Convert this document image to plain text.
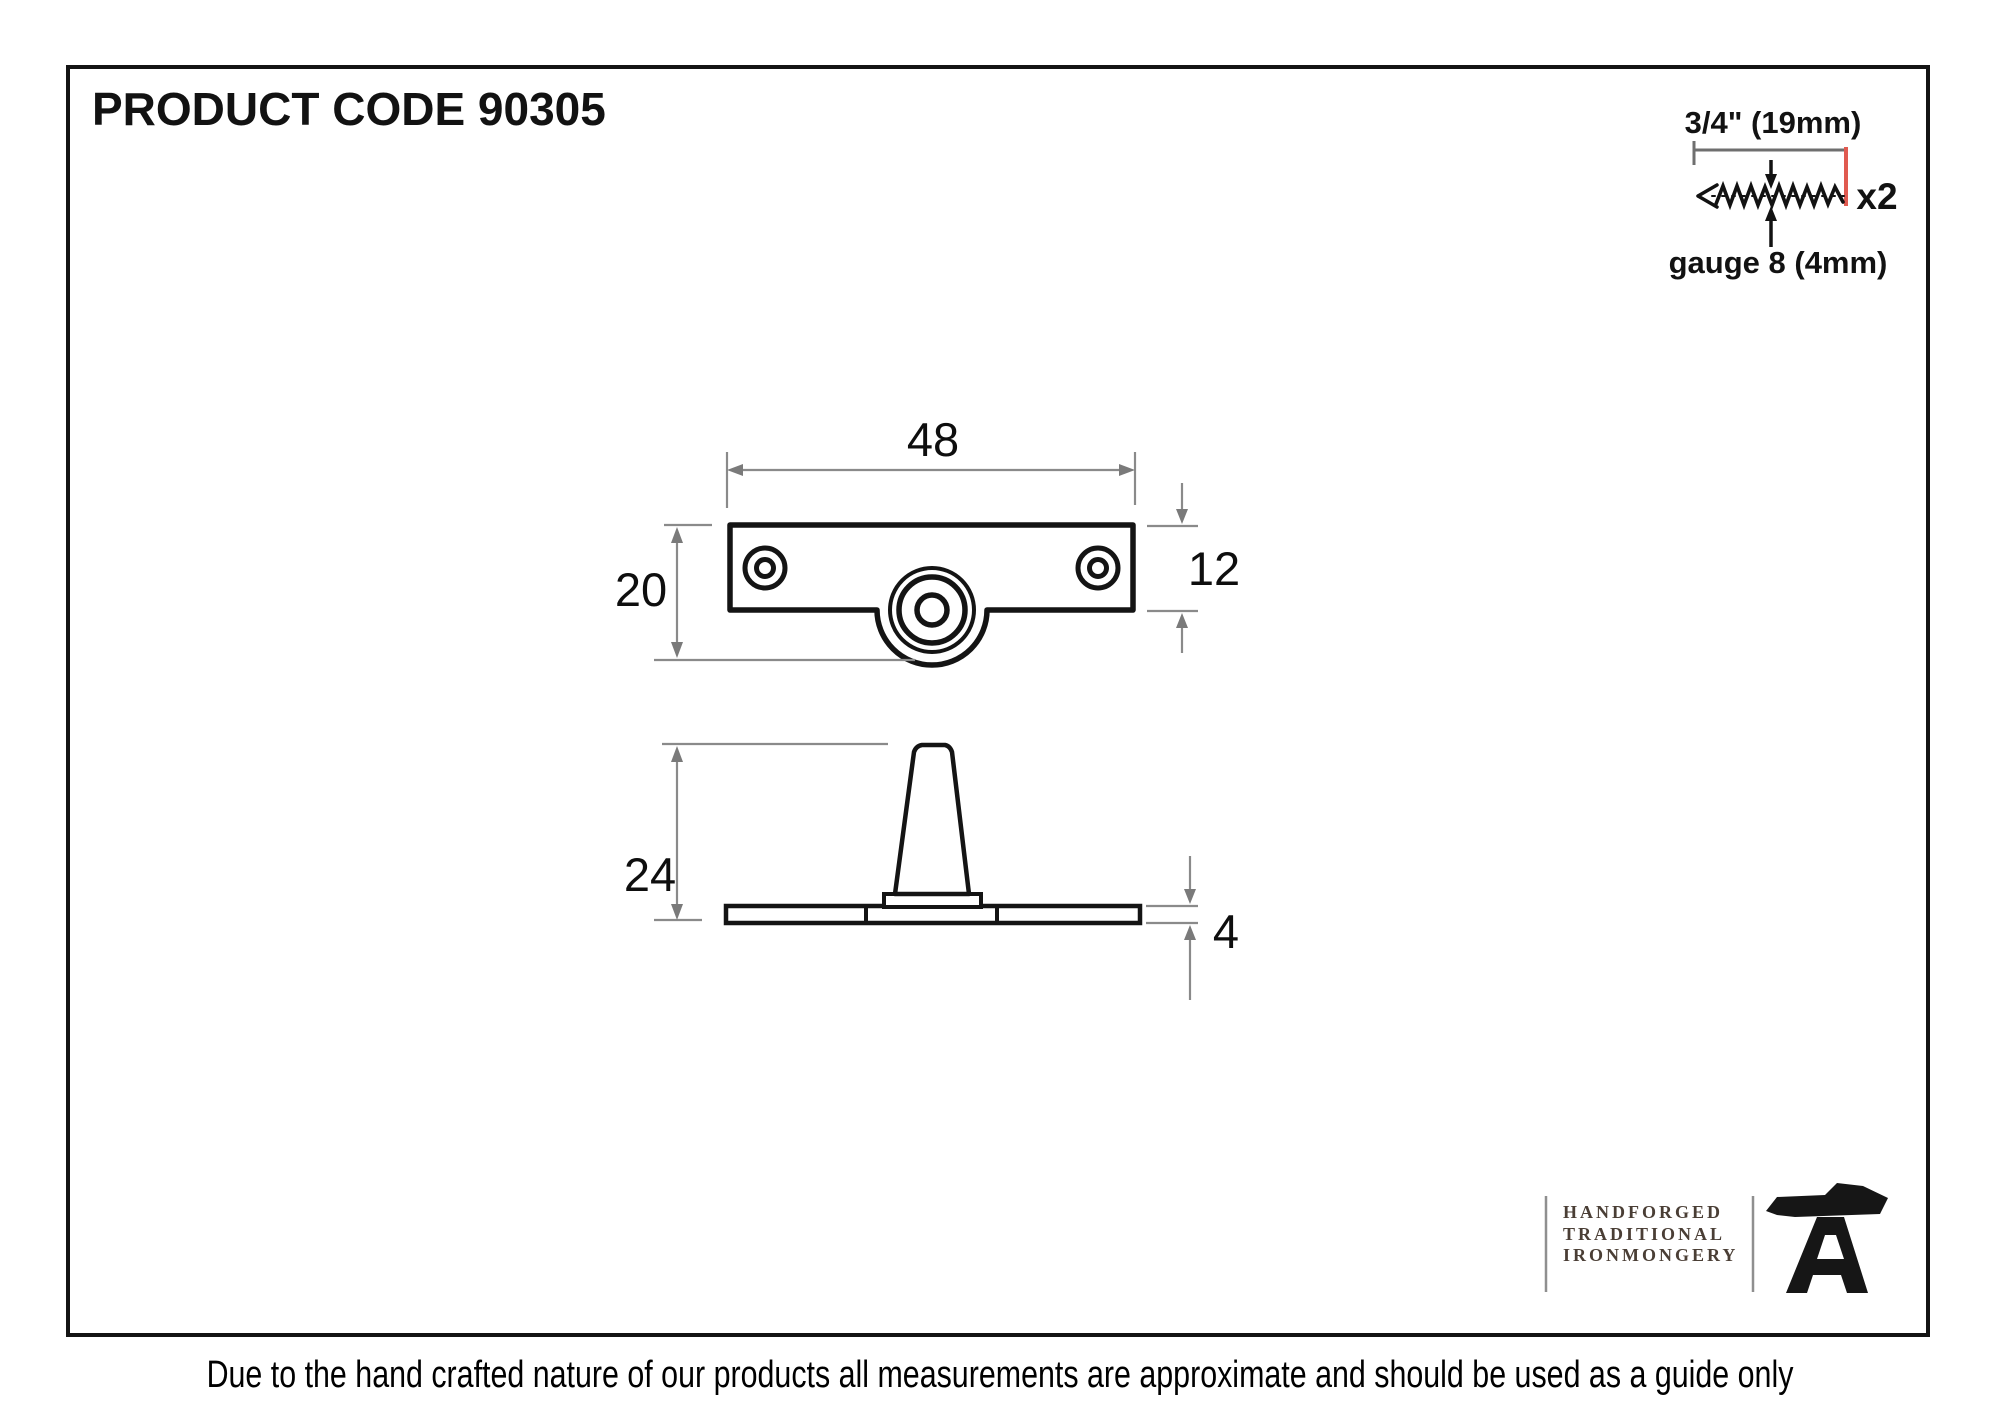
PRODUCT CODE 90305	3/4" (19mm)
x2
gauge 8 (4mm)
48
20	12
24
4
HANDFORGED
TRADITIONAL
IRONMONGERY
Due to the hand crafted nature of our products all measurements are approximate and should be used as a guide only
